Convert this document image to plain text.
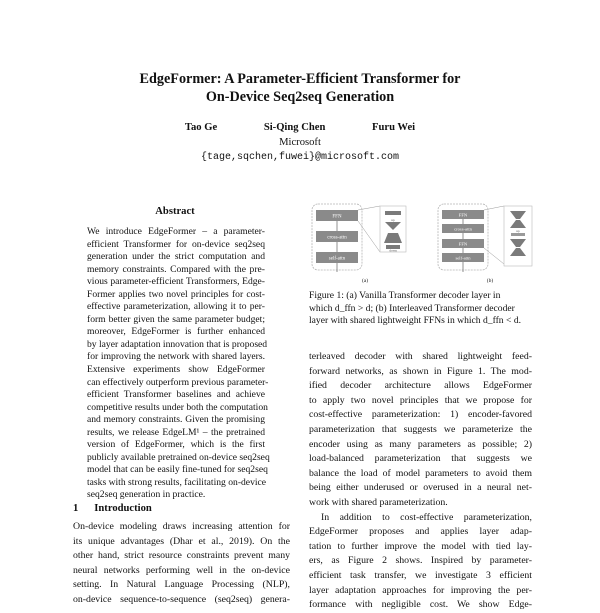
EdgeFormer: A Parameter-Efficient Transformer for
On-Device Seq2seq Generation
Tao Ge	Si-Qing Chen	Furu Wei
Microsoft
{tage,sqchen,fuwei}@microsoft.com
Abstract
We introduce EdgeFormer – a parameter-
efficient Transformer for on-device seq2seq
generation under the strict computation and
memory constraints. Compared with the pre-
vious parameter-efficient Transformers, Edge-
Former applies two novel principles for cost-
effective parameterization, allowing it to per-
form better given the same parameter budget;
moreover, EdgeFormer is further enhanced
by layer adaptation innovation that is proposed
for improving the network with shared layers.
Extensive experiments show EdgeFormer
can effectively outperform previous parameter-
efficient Transformer baselines and achieve
competitive results under both the computation
and memory constraints. Given the promising
results, we release EdgeLM¹ – the pretrained
version of EdgeFormer, which is the first
publicly available pretrained on-device seq2seq
model that can be easily fine-tuned for seq2seq
tasks with strong results, facilitating on-device
seq2seq generation in practice.
1 Introduction
On-device modeling draws increasing attention for
its unique advantages (Dhar et al., 2019). On the
other hand, strict resource constraints prevent many
neural networks performing well in the on-device
setting. In Natural Language Processing (NLP),
on-device sequence-to-sequence (seq2seq) genera-
FFN
cross-attn
self-attn
up
down
(a)
FFN
cross-attn
FFN
self-attn
up
(b)
Figure 1: (a) Vanilla Transformer decoder layer in
which d_ffn > d; (b) Interleaved Transformer decoder
layer with shared lightweight FFNs in which d_ffn < d.
terleaved decoder with shared lightweight feed-
forward networks, as shown in Figure 1. The mod-
ified decoder architecture allows EdgeFormer
to apply two novel principles that we propose for
cost-effective parameterization: 1) encoder-favored
parameterization that suggests we parameterize the
encoder using as many parameters as possible; 2)
load-balanced parameterization that suggests we
balance the load of model parameters to avoid them
being either underused or overused in a neural net-
work with shared parameterization.
In addition to cost-effective parameterization,
EdgeFormer proposes and applies layer adap-
tation to further improve the model with tied lay-
ers, as Figure 2 shows. Inspired by parameter-
efficient task transfer, we investigate 3 efficient
layer adaptation approaches for improving the per-
formance with negligible cost. We show Edge-
